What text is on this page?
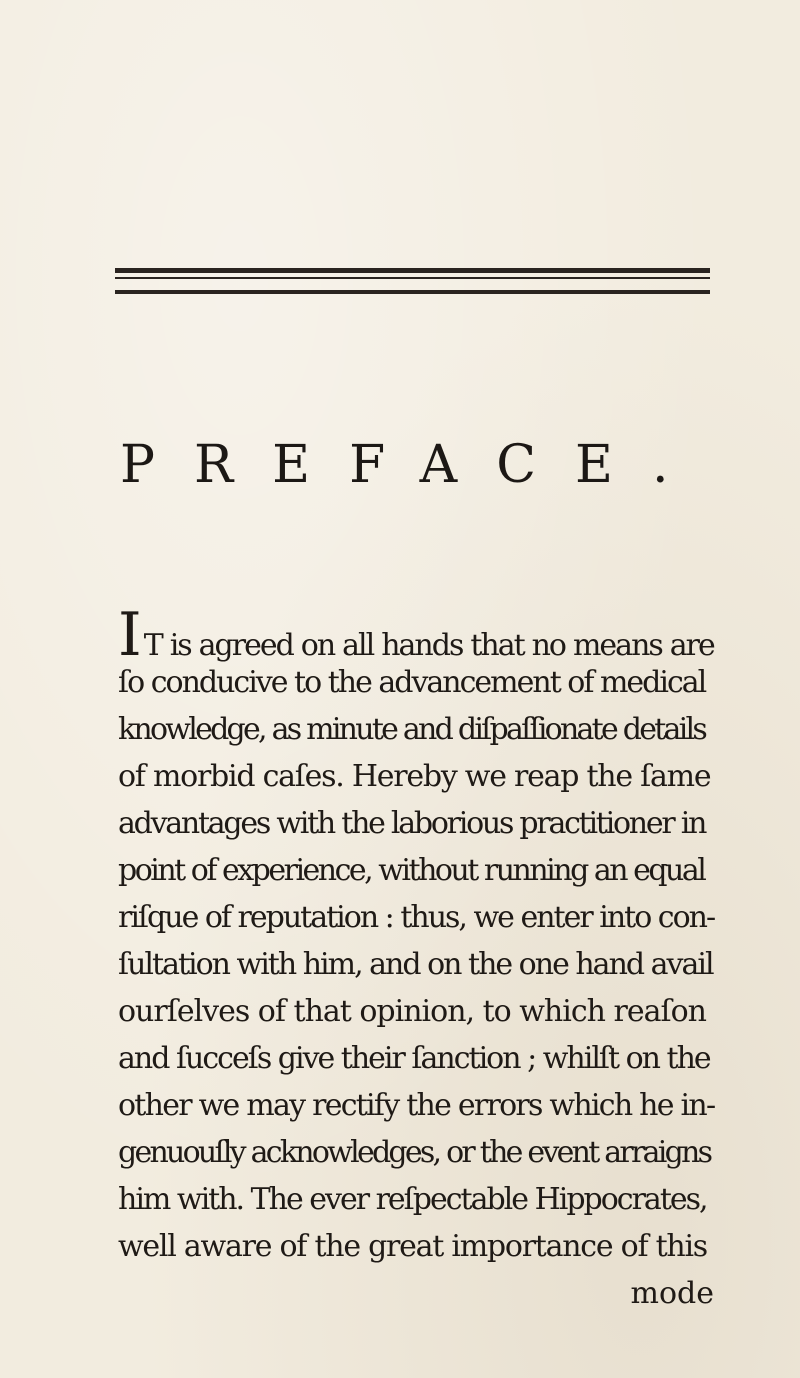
PREFACE.
I T is agreed on all hands that no means are
ſo conducive to the advancement of medical
knowledge, as minute and diſpaſſionate details
of morbid caſes. Hereby we reap the ſame
advantages with the laborious practitioner in
point of experience, without running an equal
riſque of reputation : thus, we enter into con-
ſultation with him, and on the one hand avail
ourſelves of that opinion, to which reaſon
and ſucceſs give their ſanction ; whilſt on the
other we may rectify the errors which he in-
genuouſly acknowledges, or the event arraigns
him with. The ever reſpectable Hippocrates,
well aware of the great importance of this
mode
